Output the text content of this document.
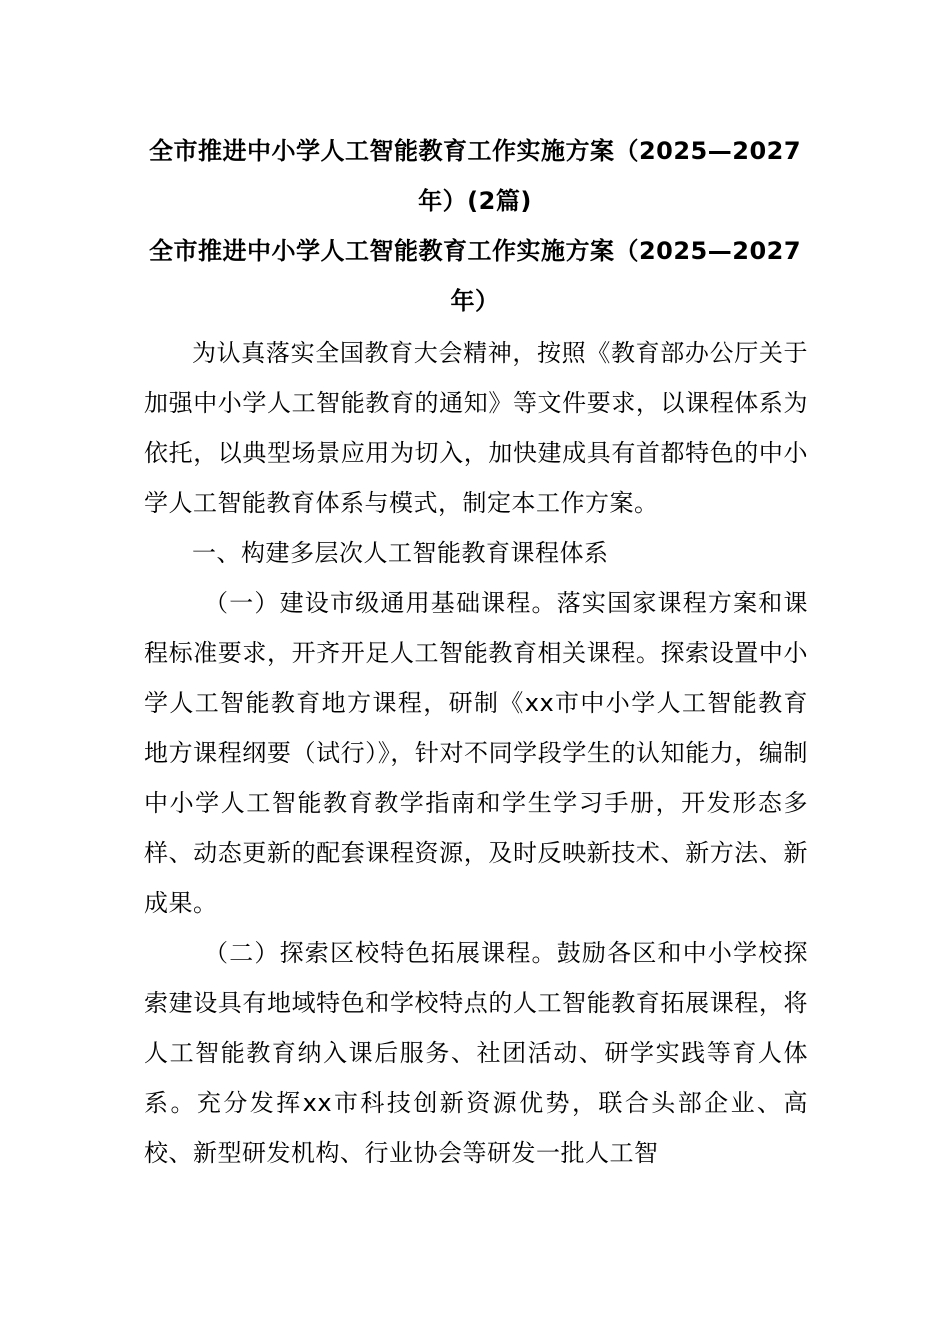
全市推进中小学人工智能教育工作实施方案（2025—2027年）(2篇)
全市推进中小学人工智能教育工作实施方案（2025—2027年）

为认真落实全国教育大会精神，按照《教育部办公厅关于加强中小学人工智能教育的通知》等文件要求，以课程体系为依托，以典型场景应用为切入，加快建成具有首都特色的中小学人工智能教育体系与模式，制定本工作方案。

一、构建多层次人工智能教育课程体系

（一）建设市级通用基础课程。落实国家课程方案和课程标准要求，开齐开足人工智能教育相关课程。探索设置中小学人工智能教育地方课程，研制《xx市中小学人工智能教育地方课程纲要（试行）》，针对不同学段学生的认知能力，编制中小学人工智能教育教学指南和学生学习手册，开发形态多样、动态更新的配套课程资源，及时反映新技术、新方法、新成果。

（二）探索区校特色拓展课程。鼓励各区和中小学校探索建设具有地域特色和学校特点的人工智能教育拓展课程，将人工智能教育纳入课后服务、社团活动、研学实践等育人体系。充分发挥xx市科技创新资源优势，联合头部企业、高校、新型研发机构、行业协会等研发一批人工智
